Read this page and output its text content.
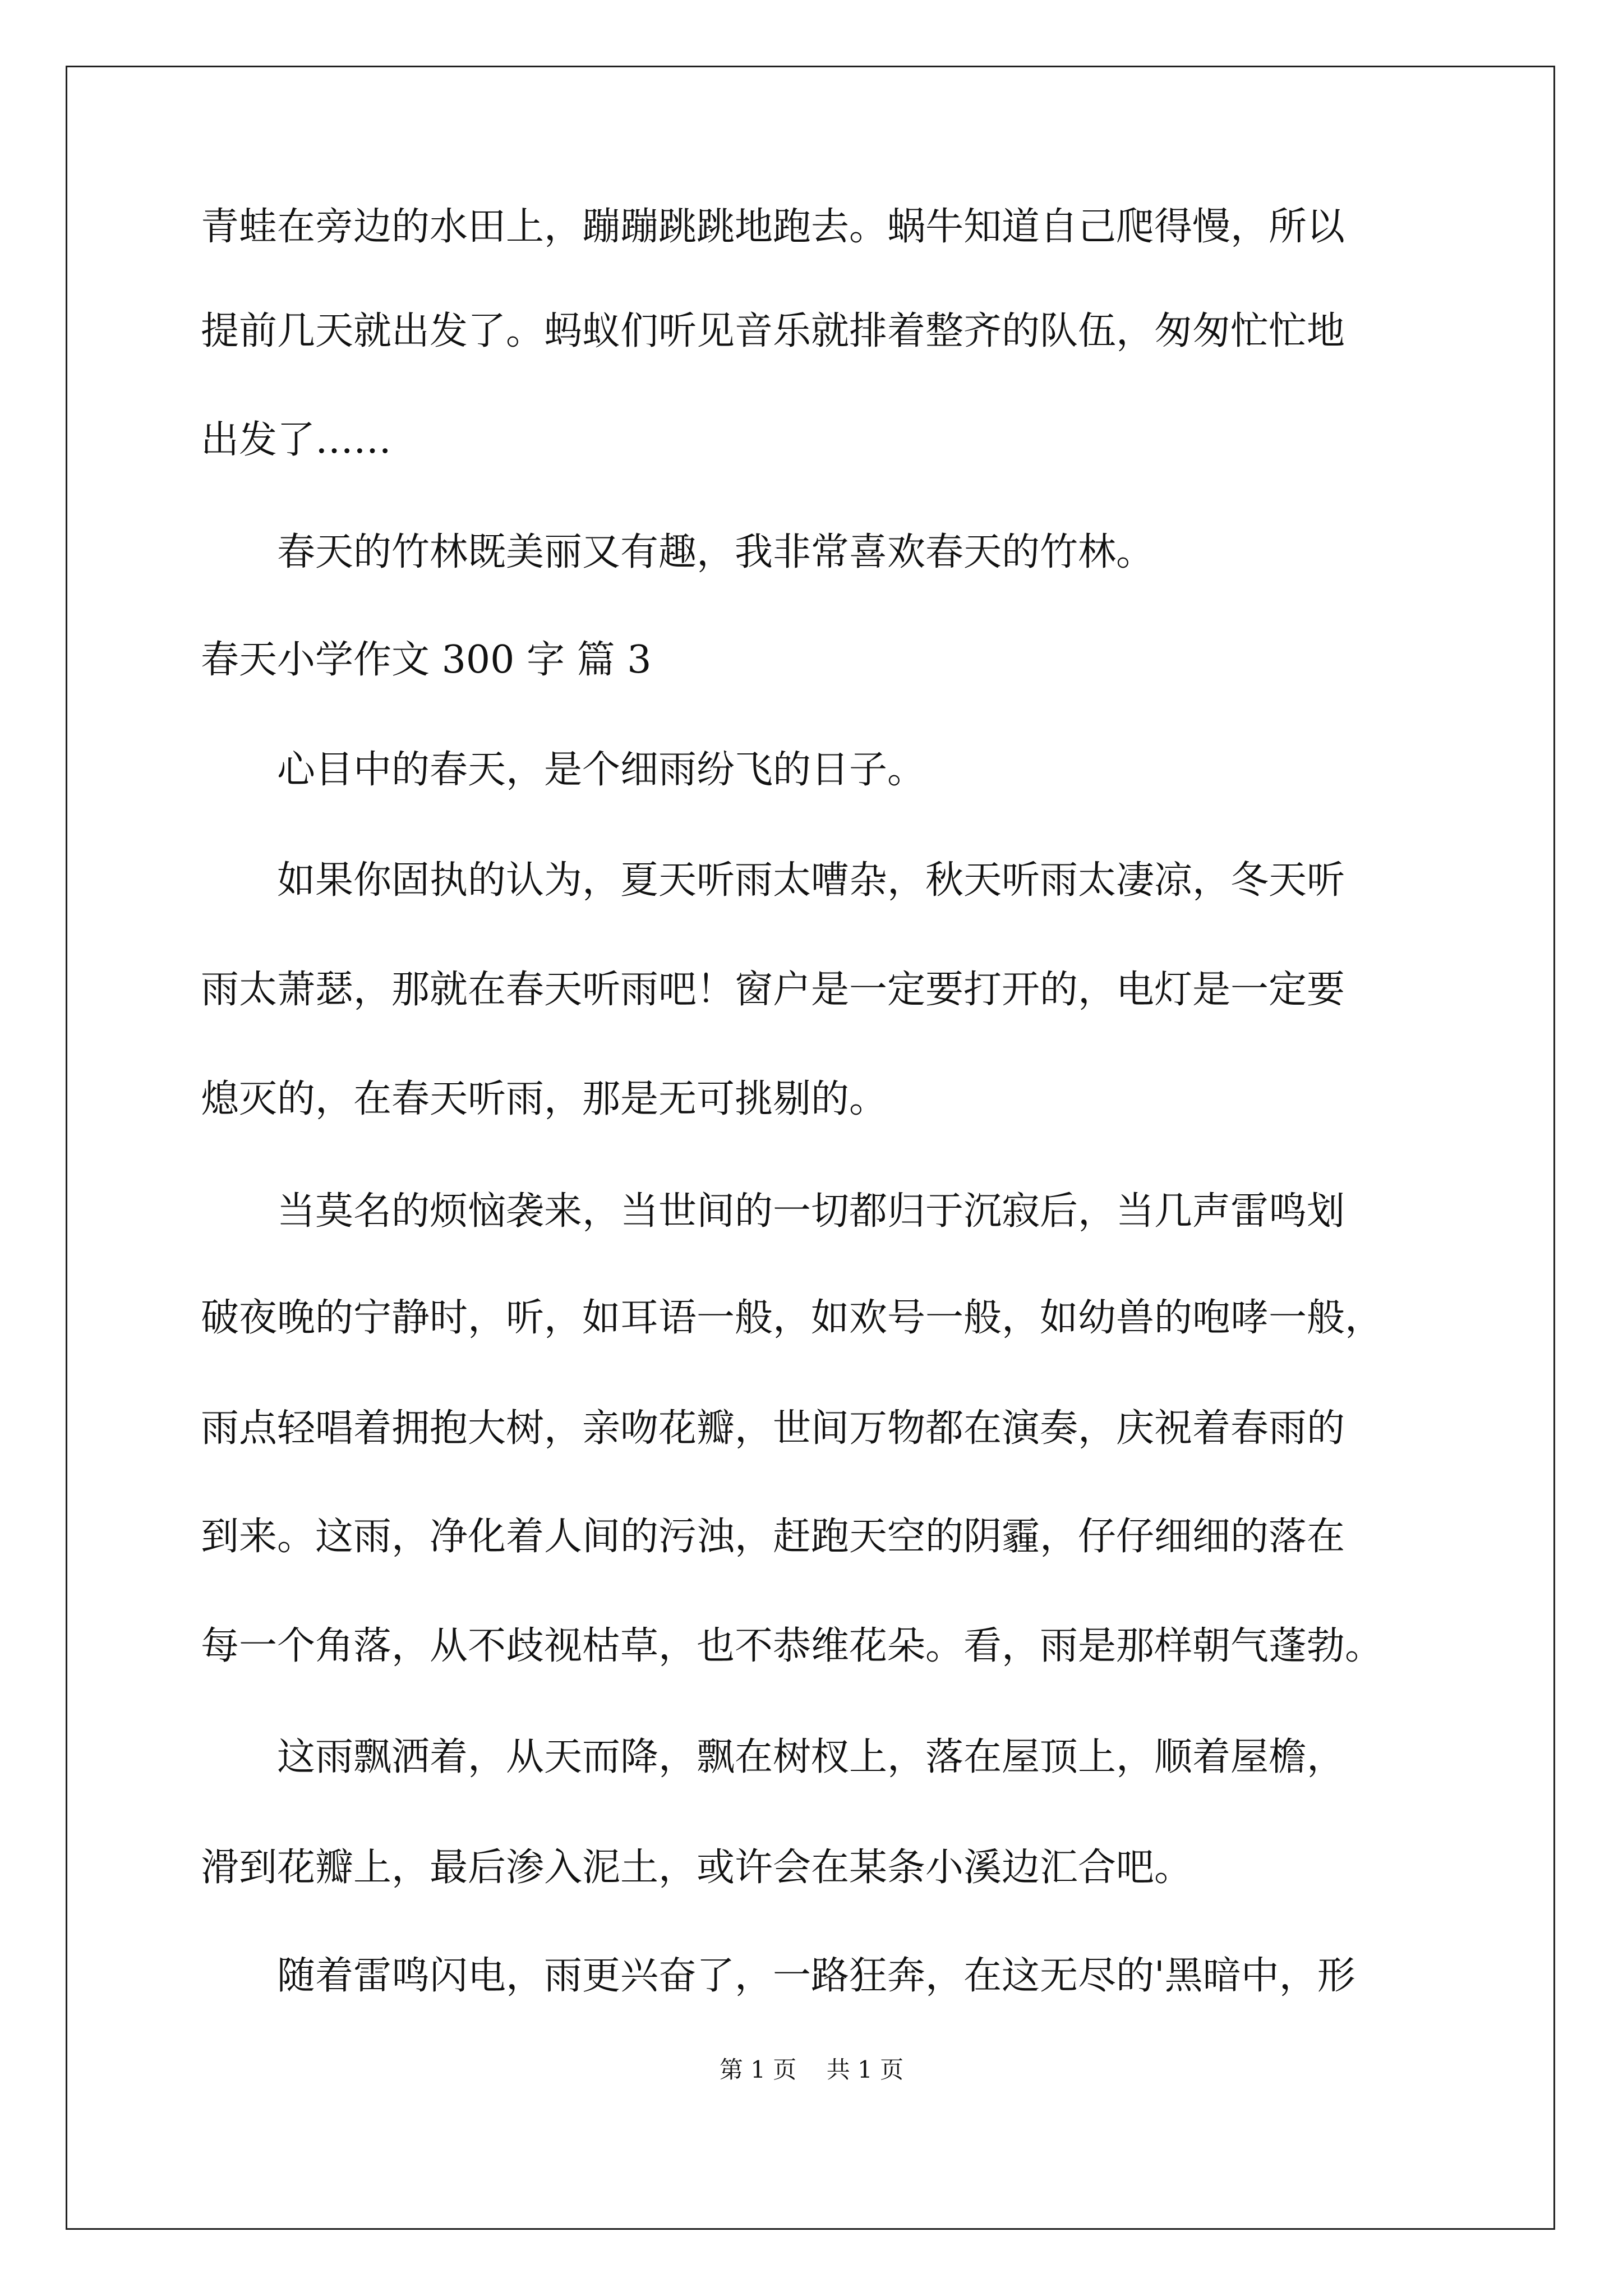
青蛙在旁边的水田上，蹦蹦跳跳地跑去。蜗牛知道自己爬得慢，所以

提前几天就出发了。蚂蚁们听见音乐就排着整齐的队伍，匆匆忙忙地

出发了……

　　春天的竹林既美丽又有趣，我非常喜欢春天的竹林。

春天小学作文 300 字 篇 3

　　心目中的春天，是个细雨纷飞的日子。

　　如果你固执的认为，夏天听雨太嘈杂，秋天听雨太凄凉，冬天听

雨太萧瑟，那就在春天听雨吧！窗户是一定要打开的，电灯是一定要

熄灭的，在春天听雨，那是无可挑剔的。

　　当莫名的烦恼袭来，当世间的一切都归于沉寂后，当几声雷鸣划

破夜晚的宁静时，听，如耳语一般，如欢号一般，如幼兽的咆哮一般，

雨点轻唱着拥抱大树，亲吻花瓣，世间万物都在演奏，庆祝着春雨的

到来。这雨，净化着人间的污浊，赶跑天空的阴霾，仔仔细细的落在

每一个角落，从不歧视枯草，也不恭维花朵。看，雨是那样朝气蓬勃。

　　这雨飘洒着，从天而降，飘在树杈上，落在屋顶上，顺着屋檐，

滑到花瓣上，最后渗入泥土，或许会在某条小溪边汇合吧。

　　随着雷鸣闪电，雨更兴奋了，一路狂奔，在这无尽的'黑暗中，形

第 1 页    共 1 页
